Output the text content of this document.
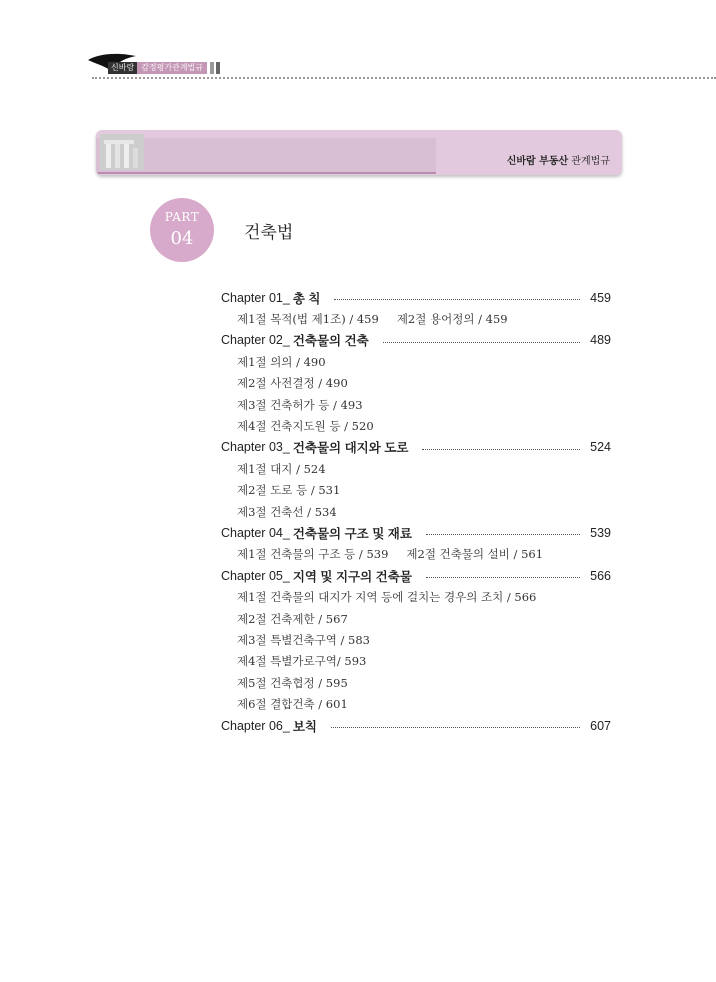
신바람 감정평가관계법규
신바람 부동산 관계법규
PART
04	건축법
Chapter 01_ 총 칙	459
제1절 목적(법 제1조) / 459 제2절 용어정의 / 459
Chapter 02_ 건축물의 건축	489
제1절 의의 / 490
제2절 사전결정 / 490
제3절 건축허가 등 / 493
제4절 건축지도원 등 / 520
Chapter 03_ 건축물의 대지와 도로	524
제1절 대지 / 524
제2절 도로 등 / 531
제3절 건축선 / 534
Chapter 04_ 건축물의 구조 및 재료	539
제1절 건축물의 구조 등 / 539 제2절 건축물의 설비 / 561
Chapter 05_ 지역 및 지구의 건축물	566
제1절 건축물의 대지가 지역 등에 걸치는 경우의 조치 / 566
제2절 건축제한 / 567
제3절 특별건축구역 / 583
제4절 특별가로구역/ 593
제5절 건축협정 / 595
제6절 결합건축 / 601
Chapter 06_ 보칙	607
